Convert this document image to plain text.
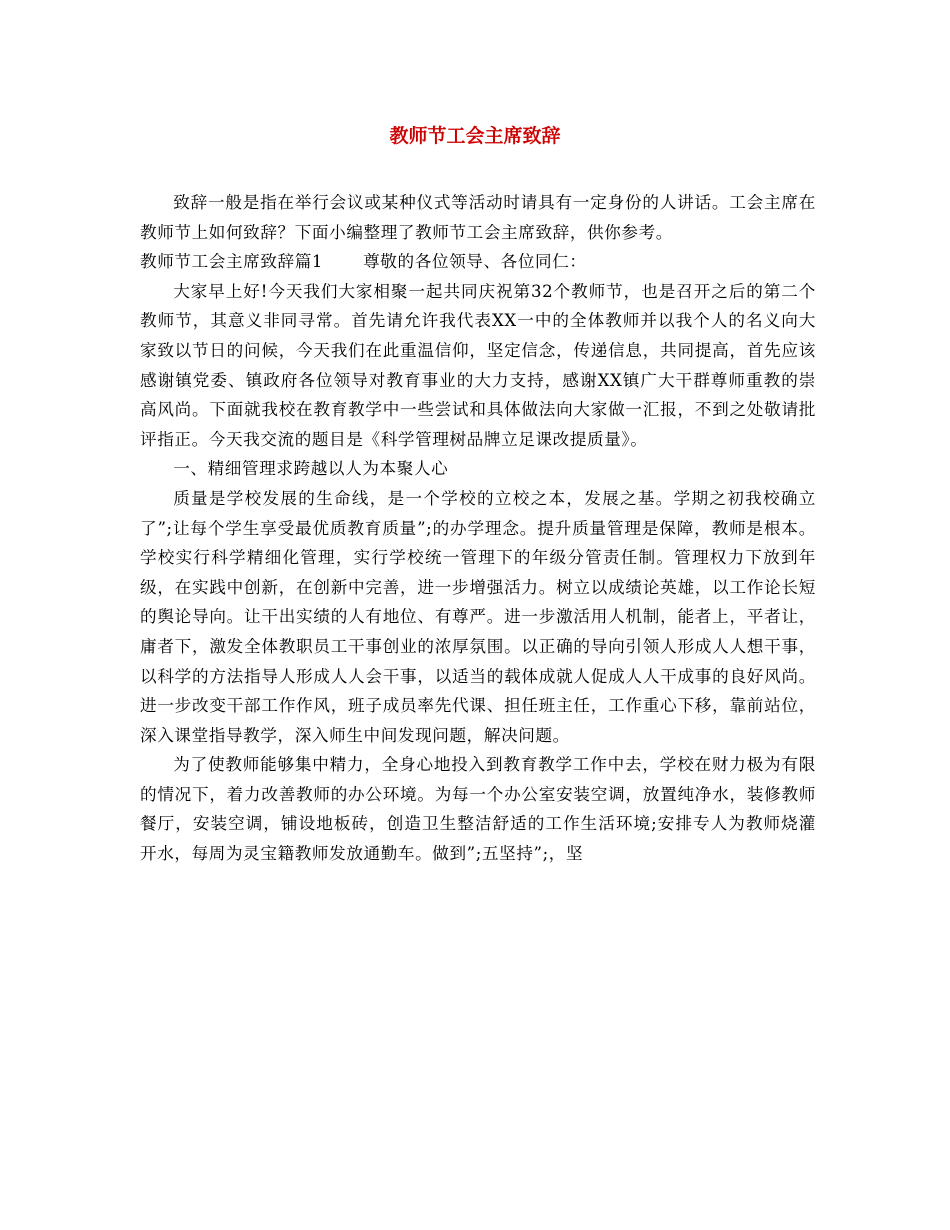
教师节工会主席致辞

致辞一般是指在举行会议或某种仪式等活动时请具有一定身份的人讲话。工会主席在教师节上如何致辞？下面小编整理了教师节工会主席致辞，供你参考。

教师节工会主席致辞篇1 尊敬的各位领导、各位同仁：

大家早上好!今天我们大家相聚一起共同庆祝第32个教师节，也是召开之后的第二个教师节，其意义非同寻常。首先请允许我代表XX一中的全体教师并以我个人的名义向大家致以节日的问候，今天我们在此重温信仰，坚定信念，传递信息，共同提高，首先应该感谢镇党委、镇政府各位领导对教育事业的大力支持，感谢XX镇广大干群尊师重教的崇高风尚。下面就我校在教育教学中一些尝试和具体做法向大家做一汇报，不到之处敬请批评指正。今天我交流的题目是《科学管理树品牌立足课改提质量》。

一、精细管理求跨越以人为本聚人心

质量是学校发展的生命线，是一个学校的立校之本，发展之基。学期之初我校确立了”;让每个学生享受最优质教育质量”;的办学理念。提升质量管理是保障，教师是根本。学校实行科学精细化管理，实行学校统一管理下的年级分管责任制。管理权力下放到年级，在实践中创新，在创新中完善，进一步增强活力。树立以成绩论英雄，以工作论长短的舆论导向。让干出实绩的人有地位、有尊严。进一步激活用人机制，能者上，平者让，庸者下，激发全体教职员工干事创业的浓厚氛围。以正确的导向引领人形成人人想干事，以科学的方法指导人形成人人会干事，以适当的载体成就人促成人人干成事的良好风尚。进一步改变干部工作作风，班子成员率先代课、担任班主任，工作重心下移，靠前站位，深入课堂指导教学，深入师生中间发现问题，解决问题。

为了使教师能够集中精力，全身心地投入到教育教学工作中去，学校在财力极为有限的情况下，着力改善教师的办公环境。为每一个办公室安装空调，放置纯净水，装修教师餐厅，安装空调，铺设地板砖，创造卫生整洁舒适的工作生活环境;安排专人为教师烧灌开水，每周为灵宝籍教师发放通勤车。做到”;五坚持”;，坚
